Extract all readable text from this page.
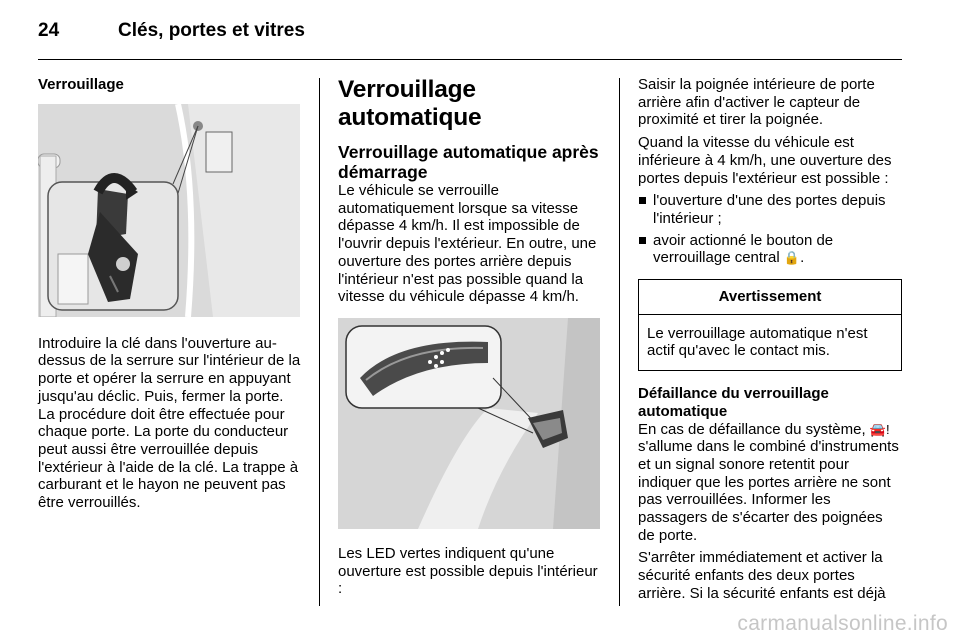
24	Clés, portes et vitres
Verrouillage

Introduire la clé dans l'ouverture au-dessus de la serrure sur l'intérieur de la porte et opérer la serrure en appuyant jusqu'au déclic. Puis, fermer la porte. La procédure doit être effectuée pour chaque porte. La porte du conducteur peut aussi être verrouillée depuis l'extérieur à l'aide de la clé. La trappe à carburant et le hayon ne peuvent pas être verrouillés.

Verrouillage automatique
Verrouillage automatique après démarrage

Le véhicule se verrouille automatiquement lorsque sa vitesse dépasse 4 km/h. Il est impossible de l'ouvrir depuis l'extérieur. En outre, une ouverture des portes arrière depuis l'intérieur n'est pas possible quand la vitesse du véhicule dépasse 4 km/h.

Les LED vertes indiquent qu'une ouverture est possible depuis l'intérieur :

Saisir la poignée intérieure de porte arrière afin d'activer le capteur de proximité et tirer la poignée.

Quand la vitesse du véhicule est inférieure à 4 km/h, une ouverture des portes depuis l'extérieur est possible :

l'ouverture d'une des portes depuis l'intérieur ;
avoir actionné le bouton de verrouillage central 🔒.
Avertissement
Le verrouillage automatique n'est actif qu'avec le contact mis.
Défaillance du verrouillage automatique

En cas de défaillance du système, 🚘! s'allume dans le combiné d'instruments et un signal sonore retentit pour indiquer que les portes arrière ne sont pas verrouillées. Informer les passagers de s'écarter des poignées de porte.

S'arrêter immédiatement et activer la sécurité enfants des deux portes arrière. Si la sécurité enfants est déjà

carmanualsonline.info
